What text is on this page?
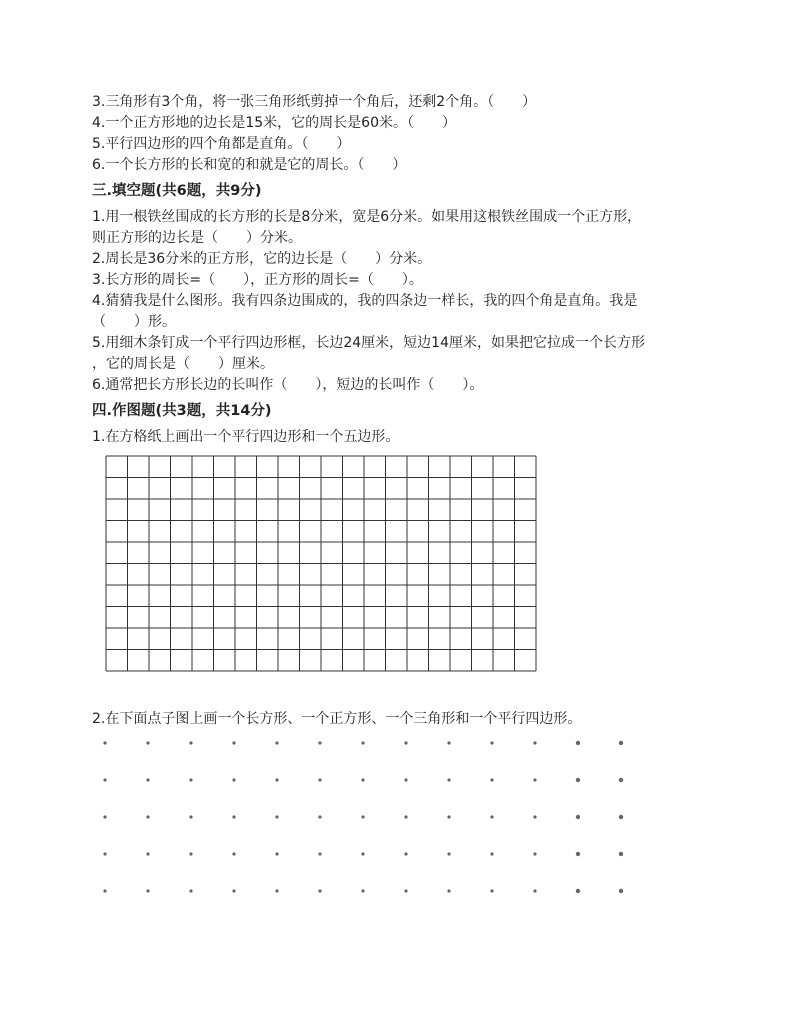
3.三角形有3个角，将一张三角形纸剪掉一个角后，还剩2个角。（　　）
4.一个正方形地的边长是15米，它的周长是60米。（　　）
5.平行四边形的四个角都是直角。（　　）
6.一个长方形的长和宽的和就是它的周长。（　　）
三.填空题(共6题，共9分)
1.用一根铁丝围成的长方形的长是8分米，宽是6分米。如果用这根铁丝围成一个正方形，
则正方形的边长是（　　）分米。
2.周长是36分米的正方形，它的边长是（　　）分米。
3.长方形的周长=（　　），正方形的周长=（　　）。
4.猜猜我是什么图形。我有四条边围成的，我的四条边一样长，我的四个角是直角。我是
（　　）形。
5.用细木条钉成一个平行四边形框，长边24厘米，短边14厘米，如果把它拉成一个长方形
，它的周长是（　　）厘米。
6.通常把长方形长边的长叫作（　　），短边的长叫作（　　）。
四.作图题(共3题，共14分)
1.在方格纸上画出一个平行四边形和一个五边形。
2.在下面点子图上画一个长方形、一个正方形、一个三角形和一个平行四边形。
